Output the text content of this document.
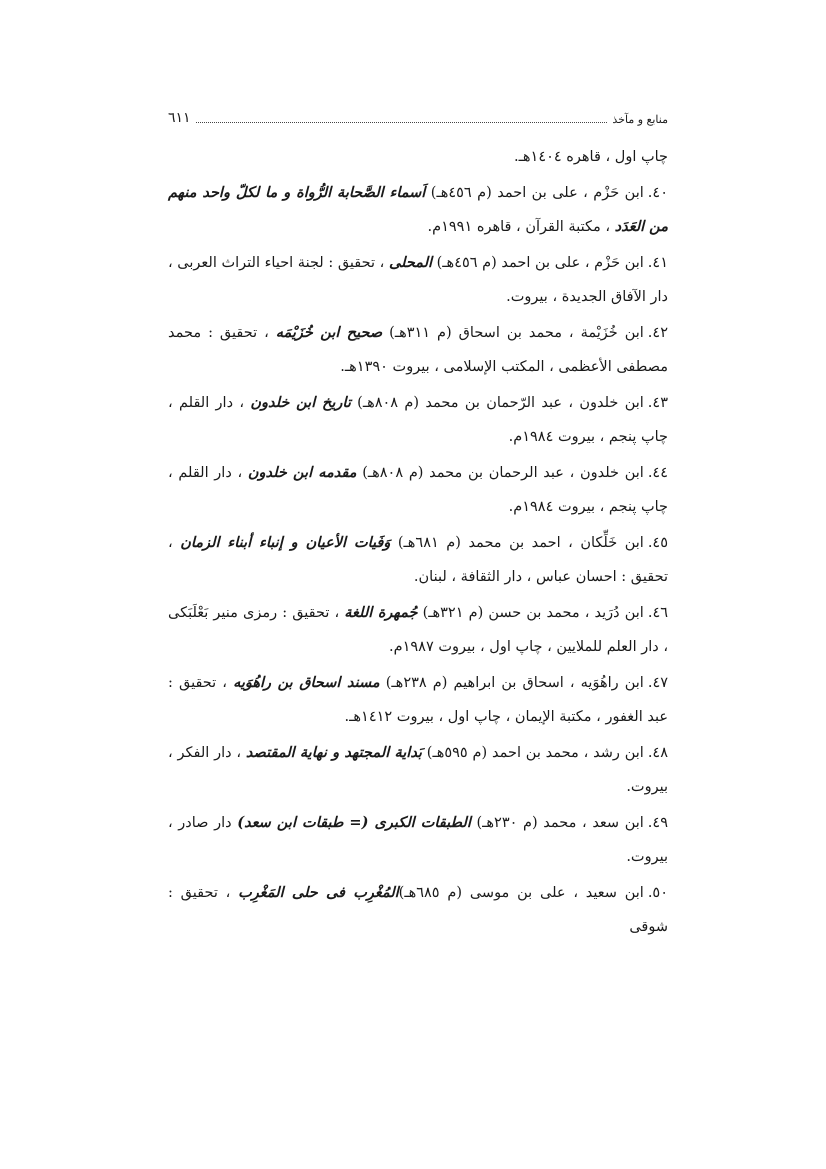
منابع و مآخذ
٦١١

چاپ اول ، قاهره ١٤٠٤هـ.

٤٠.ابن حَزْم ، علی بن احمد (م ٤٥٦هـ) اَسماء الصَّحابة الرُّواة و ما لكلّ واحد منهم من العَدَد ، مکتبة القرآن ، قاهره ١٩٩١م.

٤١.ابن حَزْم ، علی بن احمد (م ٤٥٦هـ) المحلی ، تحقیق : لجنة احیاء التراث العربی ، دار الآفاق الجدیدة ، بیروت.

٤٢.ابن خُزَیْمة ، محمد بن اسحاق (م ٣١١هـ) صحیح ابن خُزَیْمَه ، تحقیق : محمد مصطفی الأعظمی ، المکتب الإسلامی ، بیروت ١٣٩٠هـ.

٤٣.ابن خلدون ، عبد الرّحمان بن محمد (م ٨٠٨هـ) تاریخ ابن خلدون ، دار القلم ، چاپ پنجم ، بیروت ١٩٨٤م.

٤٤.ابن خلدون ، عبد الرحمان بن محمد (م ٨٠٨هـ) مقدمه ابن خلدون ، دار القلم ، چاپ پنجم ، بیروت ١٩٨٤م.

٤٥.ابن خَلِّکان ، احمد بن محمد (م ٦٨١هـ) وَفَیات الأعیان و إنباء أبناء الزمان ، تحقیق : احسان عباس ، دار الثقافة ، لبنان.

٤٦.ابن دُرَید ، محمد بن حسن (م ٣٢١هـ) جُمهرة اللغة ، تحقیق : رمزی منیر بَعْلَبَکی ، دار العلم للملایین ، چاپ اول ، بیروت ١٩٨٧م.

٤٧.ابن راهُوَیه ، اسحاق بن ابراهیم (م ٢٣٨هـ) مسند اسحاق بن راهُوَیه ، تحقیق : عبد الغفور ، مکتبة الإیمان ، چاپ اول ، بیروت ١٤١٢هـ.

٤٨.ابن رشد ، محمد بن احمد (م ٥٩٥هـ) بَدایة المجتهد و نهایة المقتصد ، دار الفکر ، بیروت.

٤٩.ابن سعد ، محمد (م ٢٣٠هـ) الطبقات الکبری (= طبقات ابن سعد) دار صادر ، بیروت.

٥٠.ابن سعید ، علی بن موسی (م ٦٨٥هـ)المُغْرِب فی حلی المَغْرِب ، تحقیق : شوقی
